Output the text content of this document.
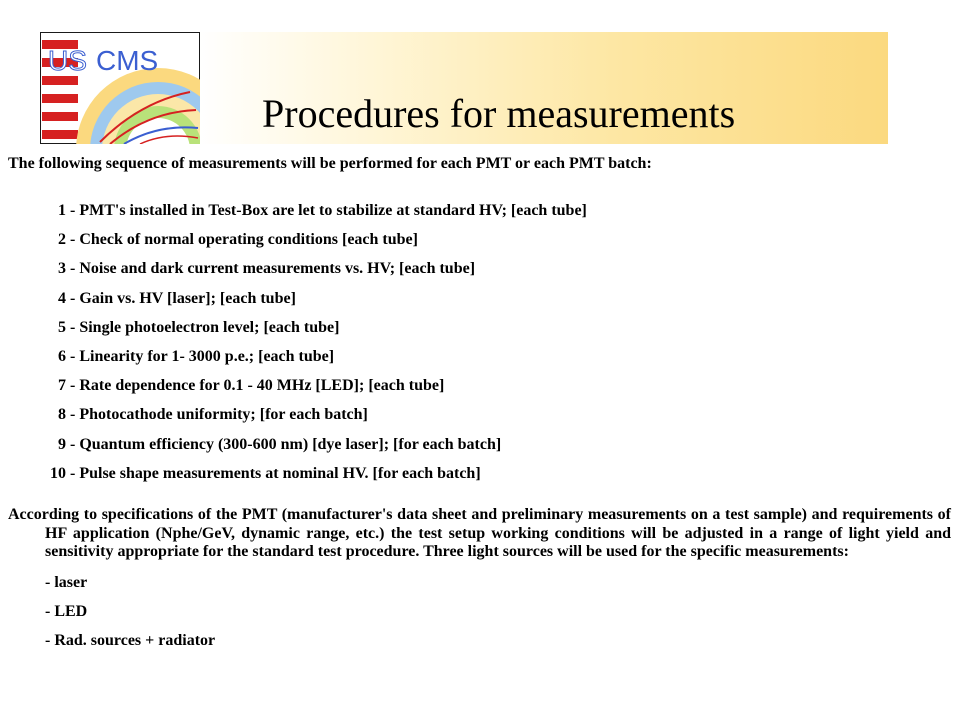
US CMS
Procedures for measurements

The following sequence of measurements will be performed for each PMT or each PMT batch:

1 - PMT's installed in Test-Box are let to stabilize at standard HV; [each tube]
2 - Check of normal operating conditions [each tube]
3 - Noise and dark current measurements vs. HV; [each tube]
4 - Gain vs. HV [laser]; [each tube]
5 - Single photoelectron level; [each tube]
6 - Linearity for 1- 3000 p.e.; [each tube]
7 - Rate dependence for 0.1 - 40 MHz [LED]; [each tube]
8 - Photocathode uniformity; [for each batch]
9 - Quantum efficiency (300-600 nm) [dye laser]; [for each batch]
10 - Pulse shape measurements at nominal HV. [for each batch]

According to specifications of the PMT (manufacturer's data sheet and preliminary measurements on a test sample) and requirements of HF application (Nphe/GeV, dynamic range, etc.) the test setup working conditions will be adjusted in a range of light yield and sensitivity appropriate for the standard test procedure. Three light sources will be used for the specific measurements:

- laser
- LED
- Rad. sources + radiator
